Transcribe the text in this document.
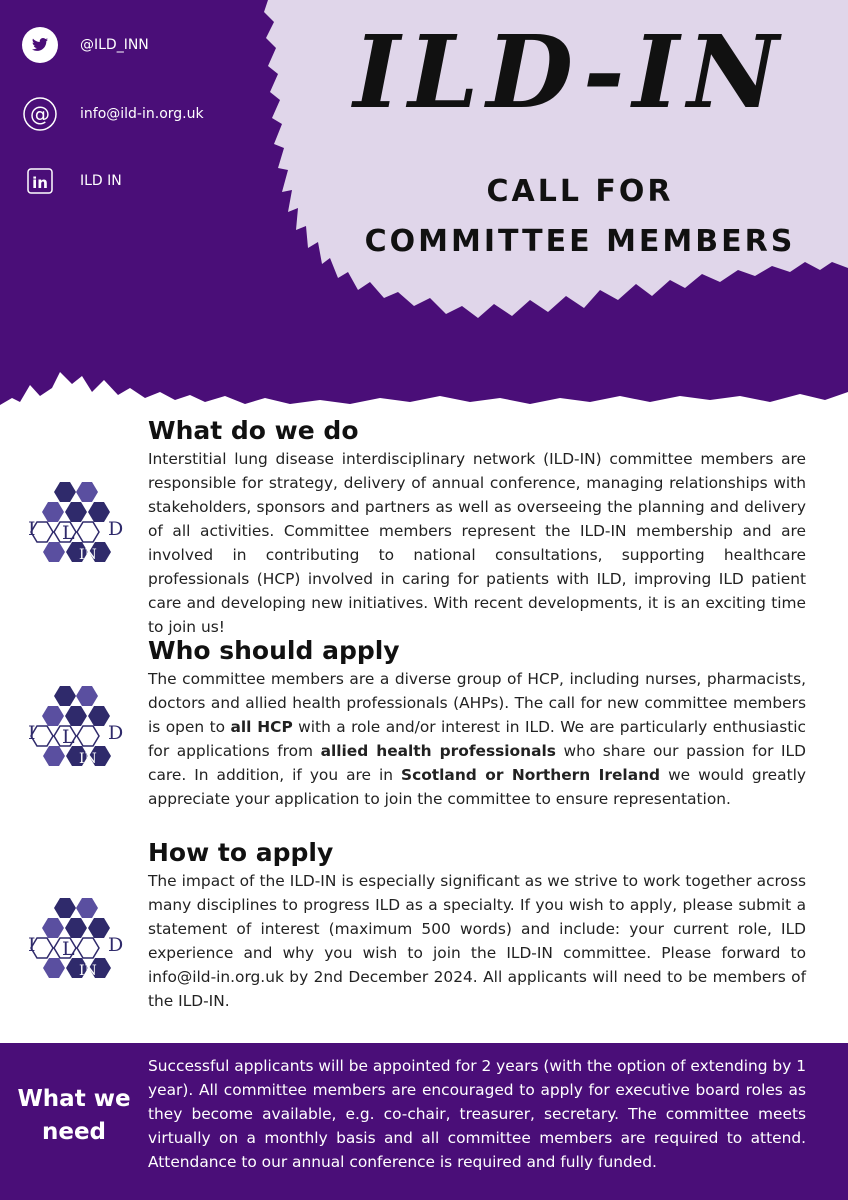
@ILD_INN
@ info@ild-in.org.uk
in ILD IN
ILD-IN
CALL FOR
COMMITTEE MEMBERS
I L D
IN
I L D
IN
I L D
IN
What do we do

Interstitial lung disease interdisciplinary network (ILD-IN) committee members are responsible for strategy, delivery of annual conference, managing relationships with stakeholders, sponsors and partners as well as overseeing the planning and delivery of all activities. Committee members represent the ILD-IN membership and are involved in contributing to national consultations, supporting healthcare professionals (HCP) involved in caring for patients with ILD, improving ILD patient care and developing new initiatives. With recent developments, it is an exciting time to join us!

Who should apply

The committee members are a diverse group of HCP, including nurses, pharmacists, doctors and allied health professionals (AHPs). The call for new committee members is open to all HCP with a role and/or interest in ILD. We are particularly enthusiastic for applications from allied health professionals who share our passion for ILD care. In addition, if you are in Scotland or Northern Ireland we would greatly appreciate your application to join the committee to ensure representation.

How to apply

The impact of the ILD-IN is especially significant as we strive to work together across many disciplines to progress ILD as a specialty. If you wish to apply, please submit a statement of interest (maximum 500 words) and include: your current role, ILD experience and why you wish to join the ILD-IN committee. Please forward to info@ild-in.org.uk by 2nd December 2024. All applicants will need to be members of the ILD-IN.

What we
need
Successful applicants will be appointed for 2 years (with the option of extending by 1 year). All committee members are encouraged to apply for executive board roles as they become available, e.g. co-chair, treasurer, secretary. The committee meets virtually on a monthly basis and all committee members are required to attend. Attendance to our annual conference is required and fully funded.
